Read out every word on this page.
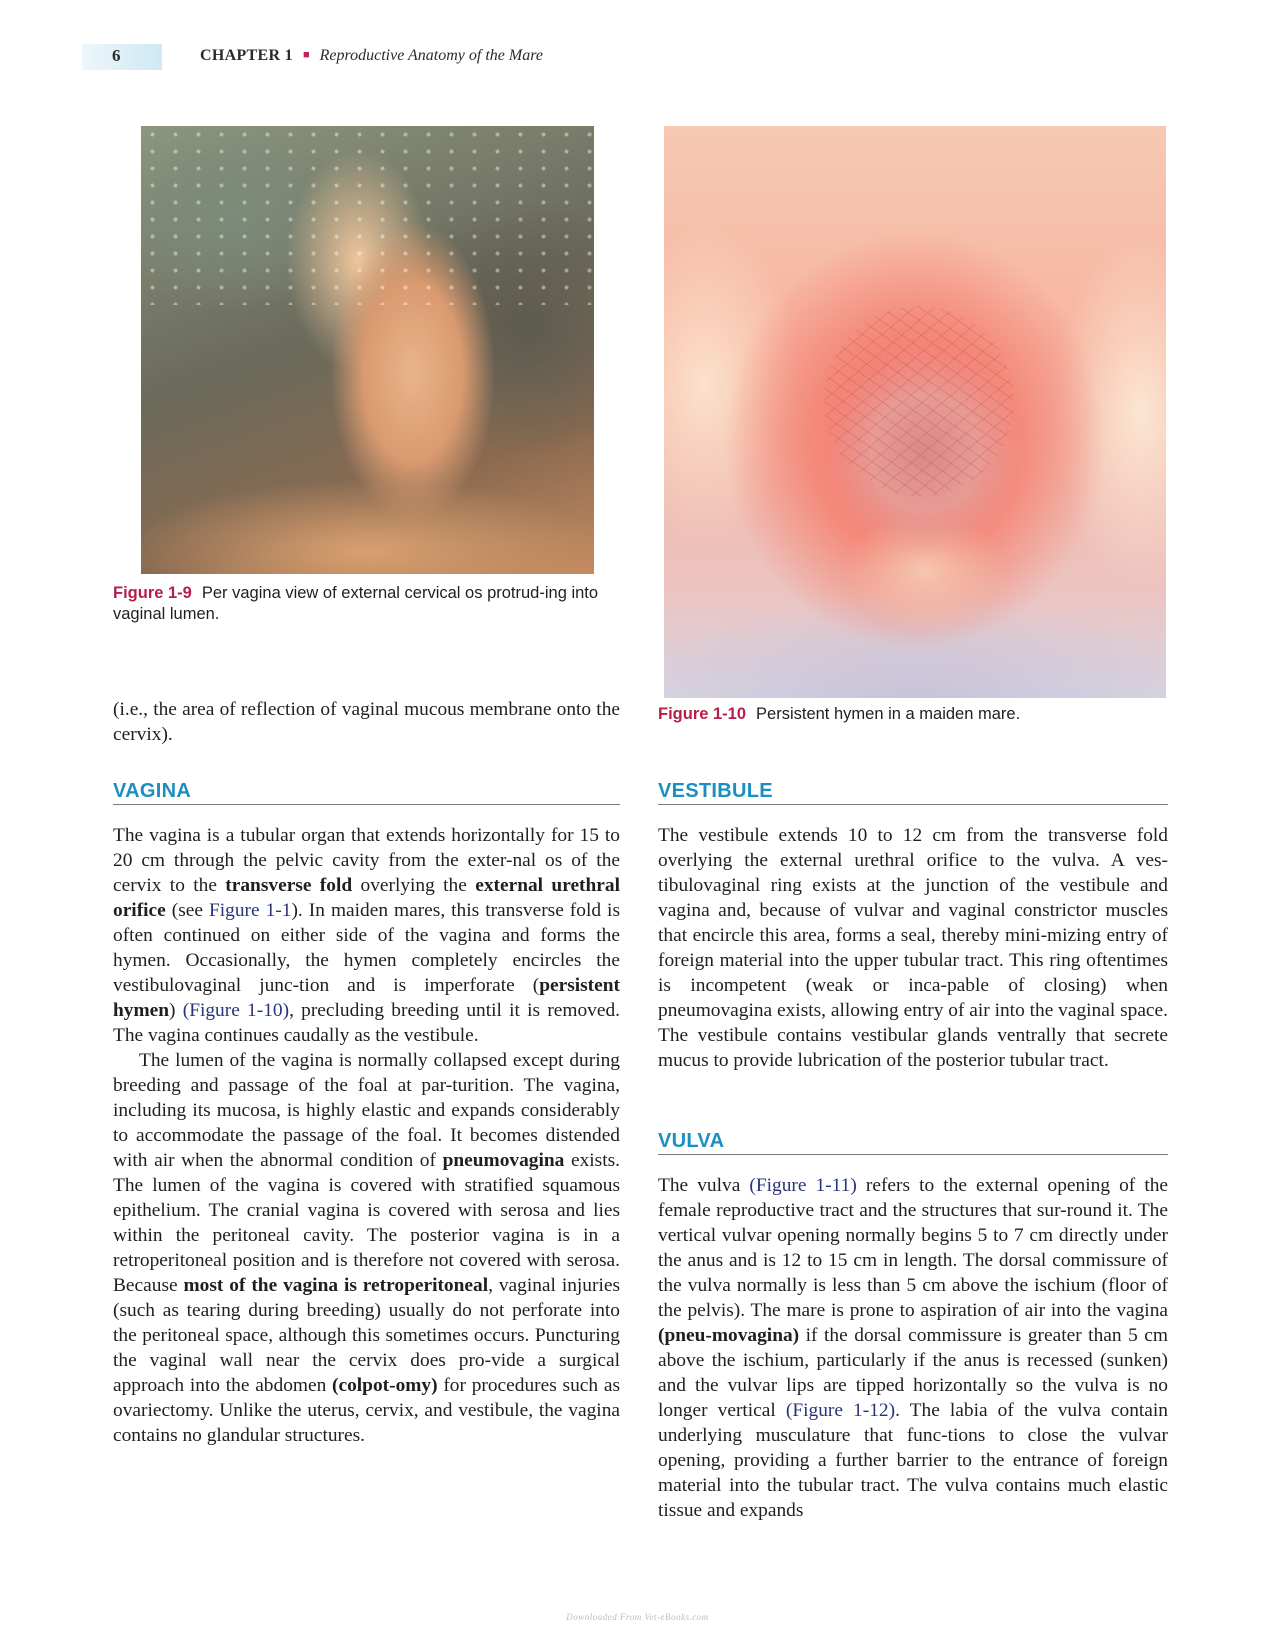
6	CHAPTER 1 ■ Reproductive Anatomy of the Mare
Figure 1-9 Per vagina view of external cervical os protrud-ing into vaginal lumen.
Figure 1-10 Persistent hymen in a maiden mare.
(i.e., the area of reflection of vaginal mucous membrane onto the cervix).
VAGINA

The vagina is a tubular organ that extends horizontally for 15 to 20 cm through the pelvic cavity from the exter-nal os of the cervix to the transverse fold overlying the external urethral orifice (see Figure 1-1). In maiden mares, this transverse fold is often continued on either side of the vagina and forms the hymen. Occasionally, the hymen completely encircles the vestibulovaginal junc-tion and is imperforate (persistent hymen) (Figure 1-10), precluding breeding until it is removed. The vagina continues caudally as the vestibule.

The lumen of the vagina is normally collapsed except during breeding and passage of the foal at par-turition. The vagina, including its mucosa, is highly elastic and expands considerably to accommodate the passage of the foal. It becomes distended with air when the abnormal condition of pneumovagina exists. The lumen of the vagina is covered with stratified squamous epithelium. The cranial vagina is covered with serosa and lies within the peritoneal cavity. The posterior vagina is in a retroperitoneal position and is therefore not covered with serosa. Because most of the vagina is retroperitoneal, vaginal injuries (such as tearing during breeding) usually do not perforate into the peritoneal space, although this sometimes occurs. Puncturing the vaginal wall near the cervix does pro-vide a surgical approach into the abdomen (colpot-omy) for procedures such as ovariectomy. Unlike the uterus, cervix, and vestibule, the vagina contains no glandular structures.

VESTIBULE

The vestibule extends 10 to 12 cm from the transverse fold overlying the external urethral orifice to the vulva. A ves-tibulovaginal ring exists at the junction of the vestibule and vagina and, because of vulvar and vaginal constrictor muscles that encircle this area, forms a seal, thereby mini-mizing entry of foreign material into the upper tubular tract. This ring oftentimes is incompetent (weak or inca-pable of closing) when pneumovagina exists, allowing entry of air into the vaginal space. The vestibule contains vestibular glands ventrally that secrete mucus to provide lubrication of the posterior tubular tract.

VULVA

The vulva (Figure 1-11) refers to the external opening of the female reproductive tract and the structures that sur-round it. The vertical vulvar opening normally begins 5 to 7 cm directly under the anus and is 12 to 15 cm in length. The dorsal commissure of the vulva normally is less than 5 cm above the ischium (floor of the pelvis). The mare is prone to aspiration of air into the vagina (pneu-movagina) if the dorsal commissure is greater than 5 cm above the ischium, particularly if the anus is recessed (sunken) and the vulvar lips are tipped horizontally so the vulva is no longer vertical (Figure 1-12). The labia of the vulva contain underlying musculature that func-tions to close the vulvar opening, providing a further barrier to the entrance of foreign material into the tubular tract. The vulva contains much elastic tissue and expands

Downloaded From Vet-eBooks.com
